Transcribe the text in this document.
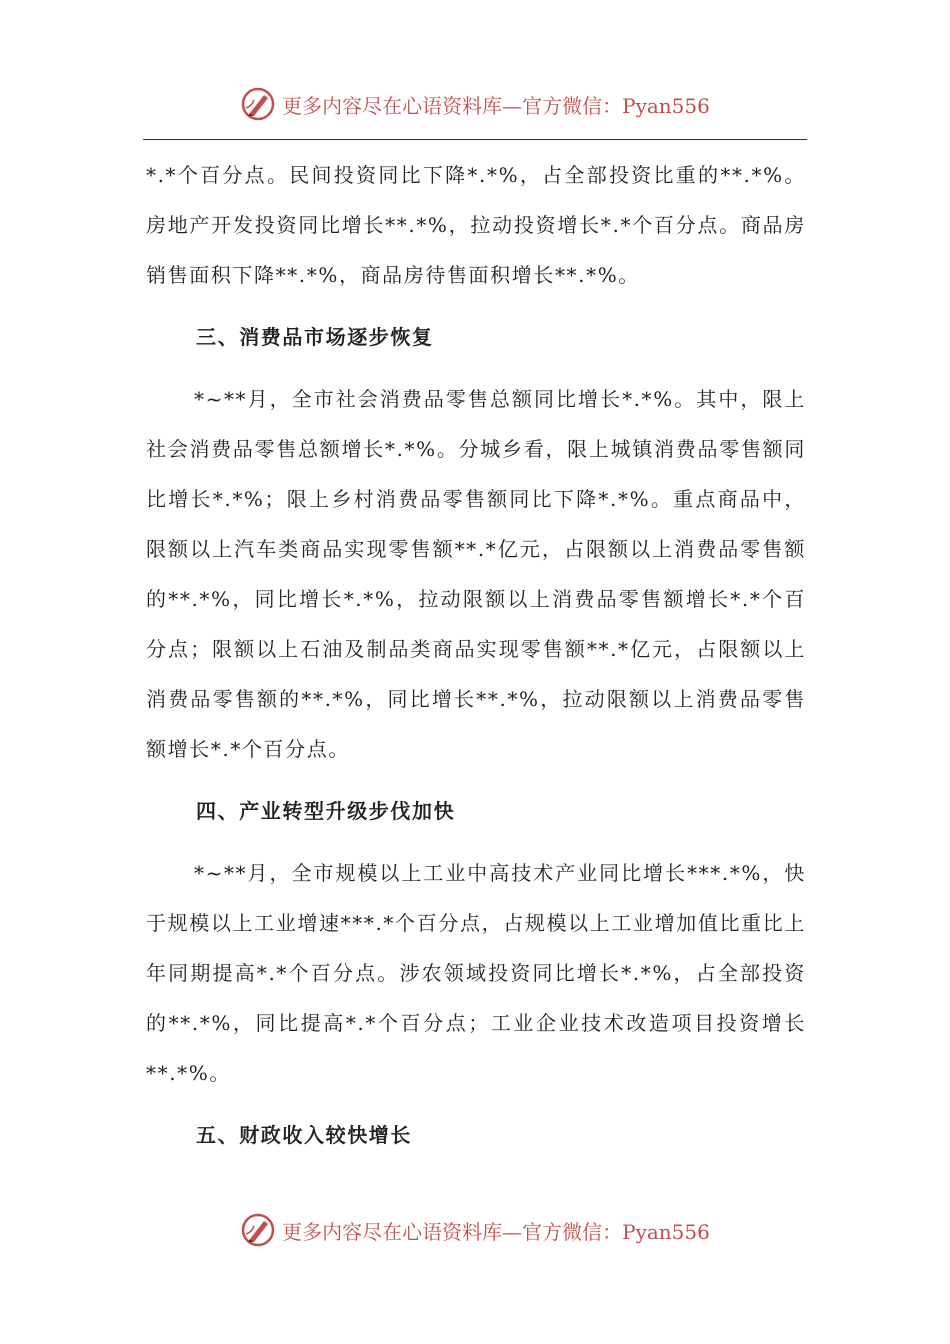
更多内容尽在心语资料库—官方微信：Pyan556

*.*个百分点。民间投资同比下降*.*%，占全部投资比重的**.*%。房地产开发投资同比增长**.*%，拉动投资增长*.*个百分点。商品房销售面积下降**.*%，商品房待售面积增长**.*%。

三、消费品市场逐步恢复

*~**月，全市社会消费品零售总额同比增长*.*%。其中，限上社会消费品零售总额增长*.*%。分城乡看，限上城镇消费品零售额同比增长*.*%；限上乡村消费品零售额同比下降*.*%。重点商品中，限额以上汽车类商品实现零售额**.*亿元，占限额以上消费品零售额的**.*%，同比增长*.*%，拉动限额以上消费品零售额增长*.*个百分点；限额以上石油及制品类商品实现零售额**.*亿元，占限额以上消费品零售额的**.*%，同比增长**.*%，拉动限额以上消费品零售额增长*.*个百分点。

四、产业转型升级步伐加快

*~**月，全市规模以上工业中高技术产业同比增长***.*%，快于规模以上工业增速***.*个百分点，占规模以上工业增加值比重比上年同期提高*.*个百分点。涉农领域投资同比增长*.*%，占全部投资的**.*%，同比提高*.*个百分点；工业企业技术改造项目投资增长**.*%。

五、财政收入较快增长
更多内容尽在心语资料库—官方微信：Pyan556
